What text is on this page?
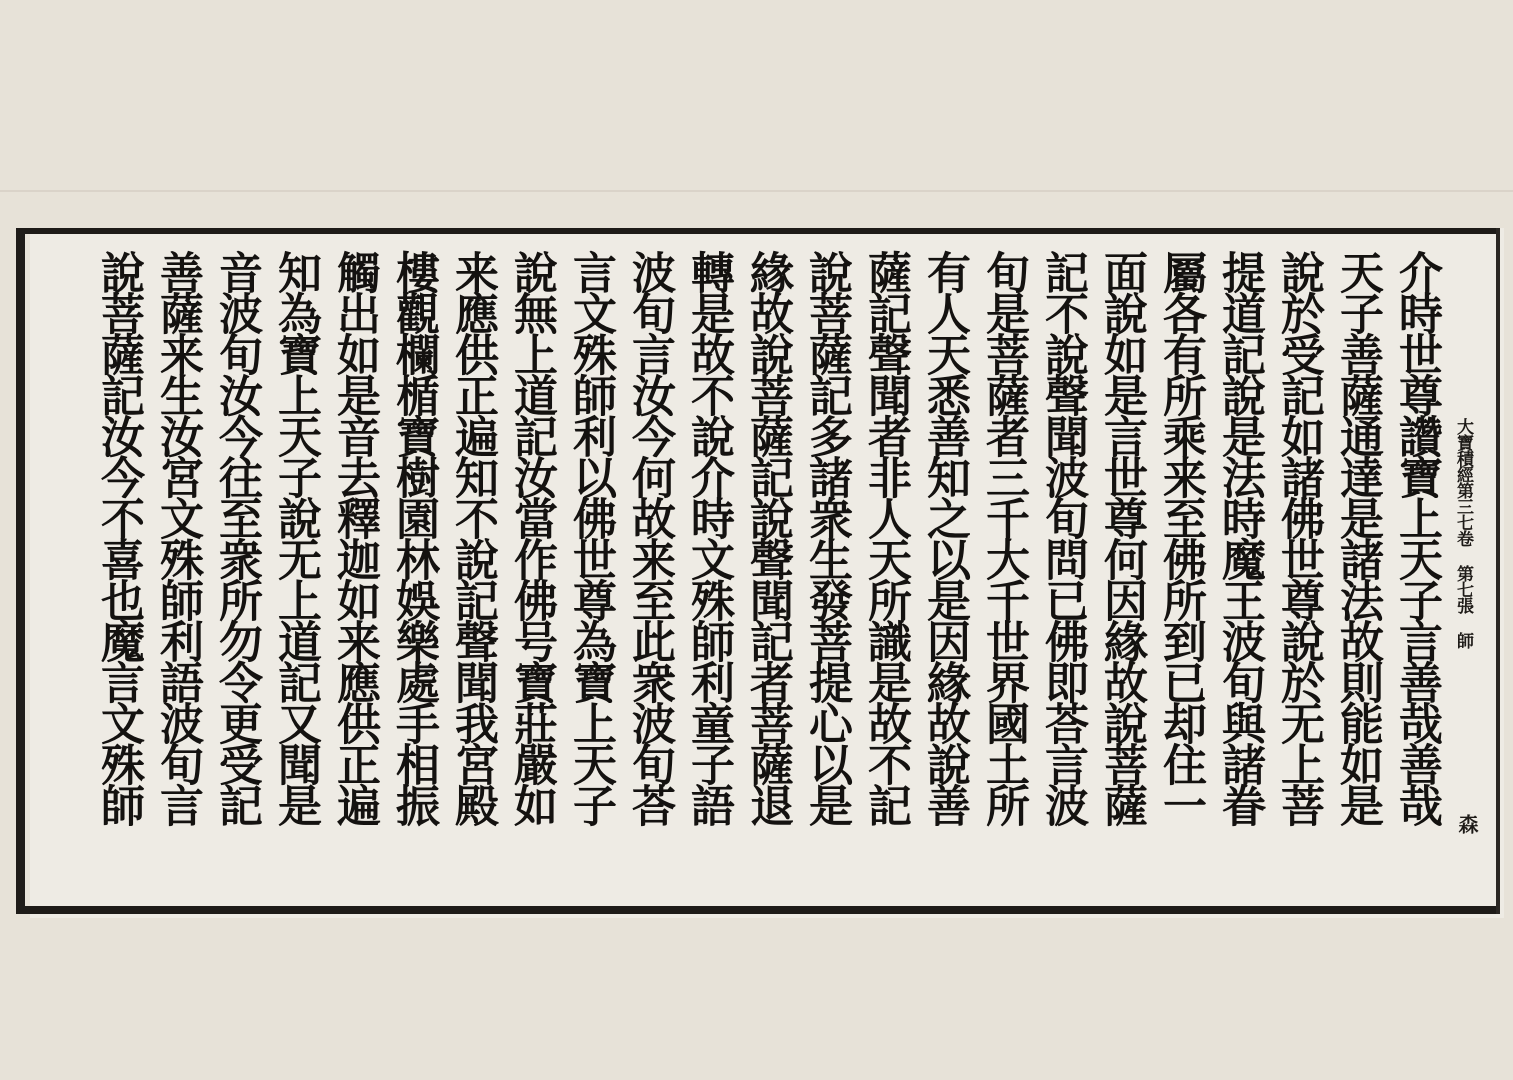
大寶積經第三七卷 第七張 師
森
介時世尊讚寶上天子言善哉善哉
天子善薩通達是諸法故則能如是
說於受記如諸佛世尊說於无上菩
提道記說是法時魔王波旬與諸眷
屬各有所乘来至佛所到已却住一
面說如是言世尊何因緣故說菩薩
記不說聲聞波旬問已佛即荅言波
旬是菩薩者三千大千世界國土所
有人天悉善知之以是因緣故說善
薩記聲聞者非人天所識是故不記
說菩薩記多諸衆生發菩提心以是
緣故說菩薩記說聲聞記者菩薩退
轉是故不說介時文殊師利童子語
波旬言汝今何故来至此衆波旬荅
言文殊師利以佛世尊為寶上天子
說無上道記汝當作佛号寶莊嚴如
来應供正遍知不說記聲聞我宮殿
樓觀欄楯寶樹園林娛樂處手相振
觸出如是音去釋迦如来應供正遍
知為寶上天子說无上道記又聞是
音波旬汝今往至衆所勿令更受記
善薩来生汝宮文殊師利語波旬言
說菩薩記汝今不喜也魔言文殊師
